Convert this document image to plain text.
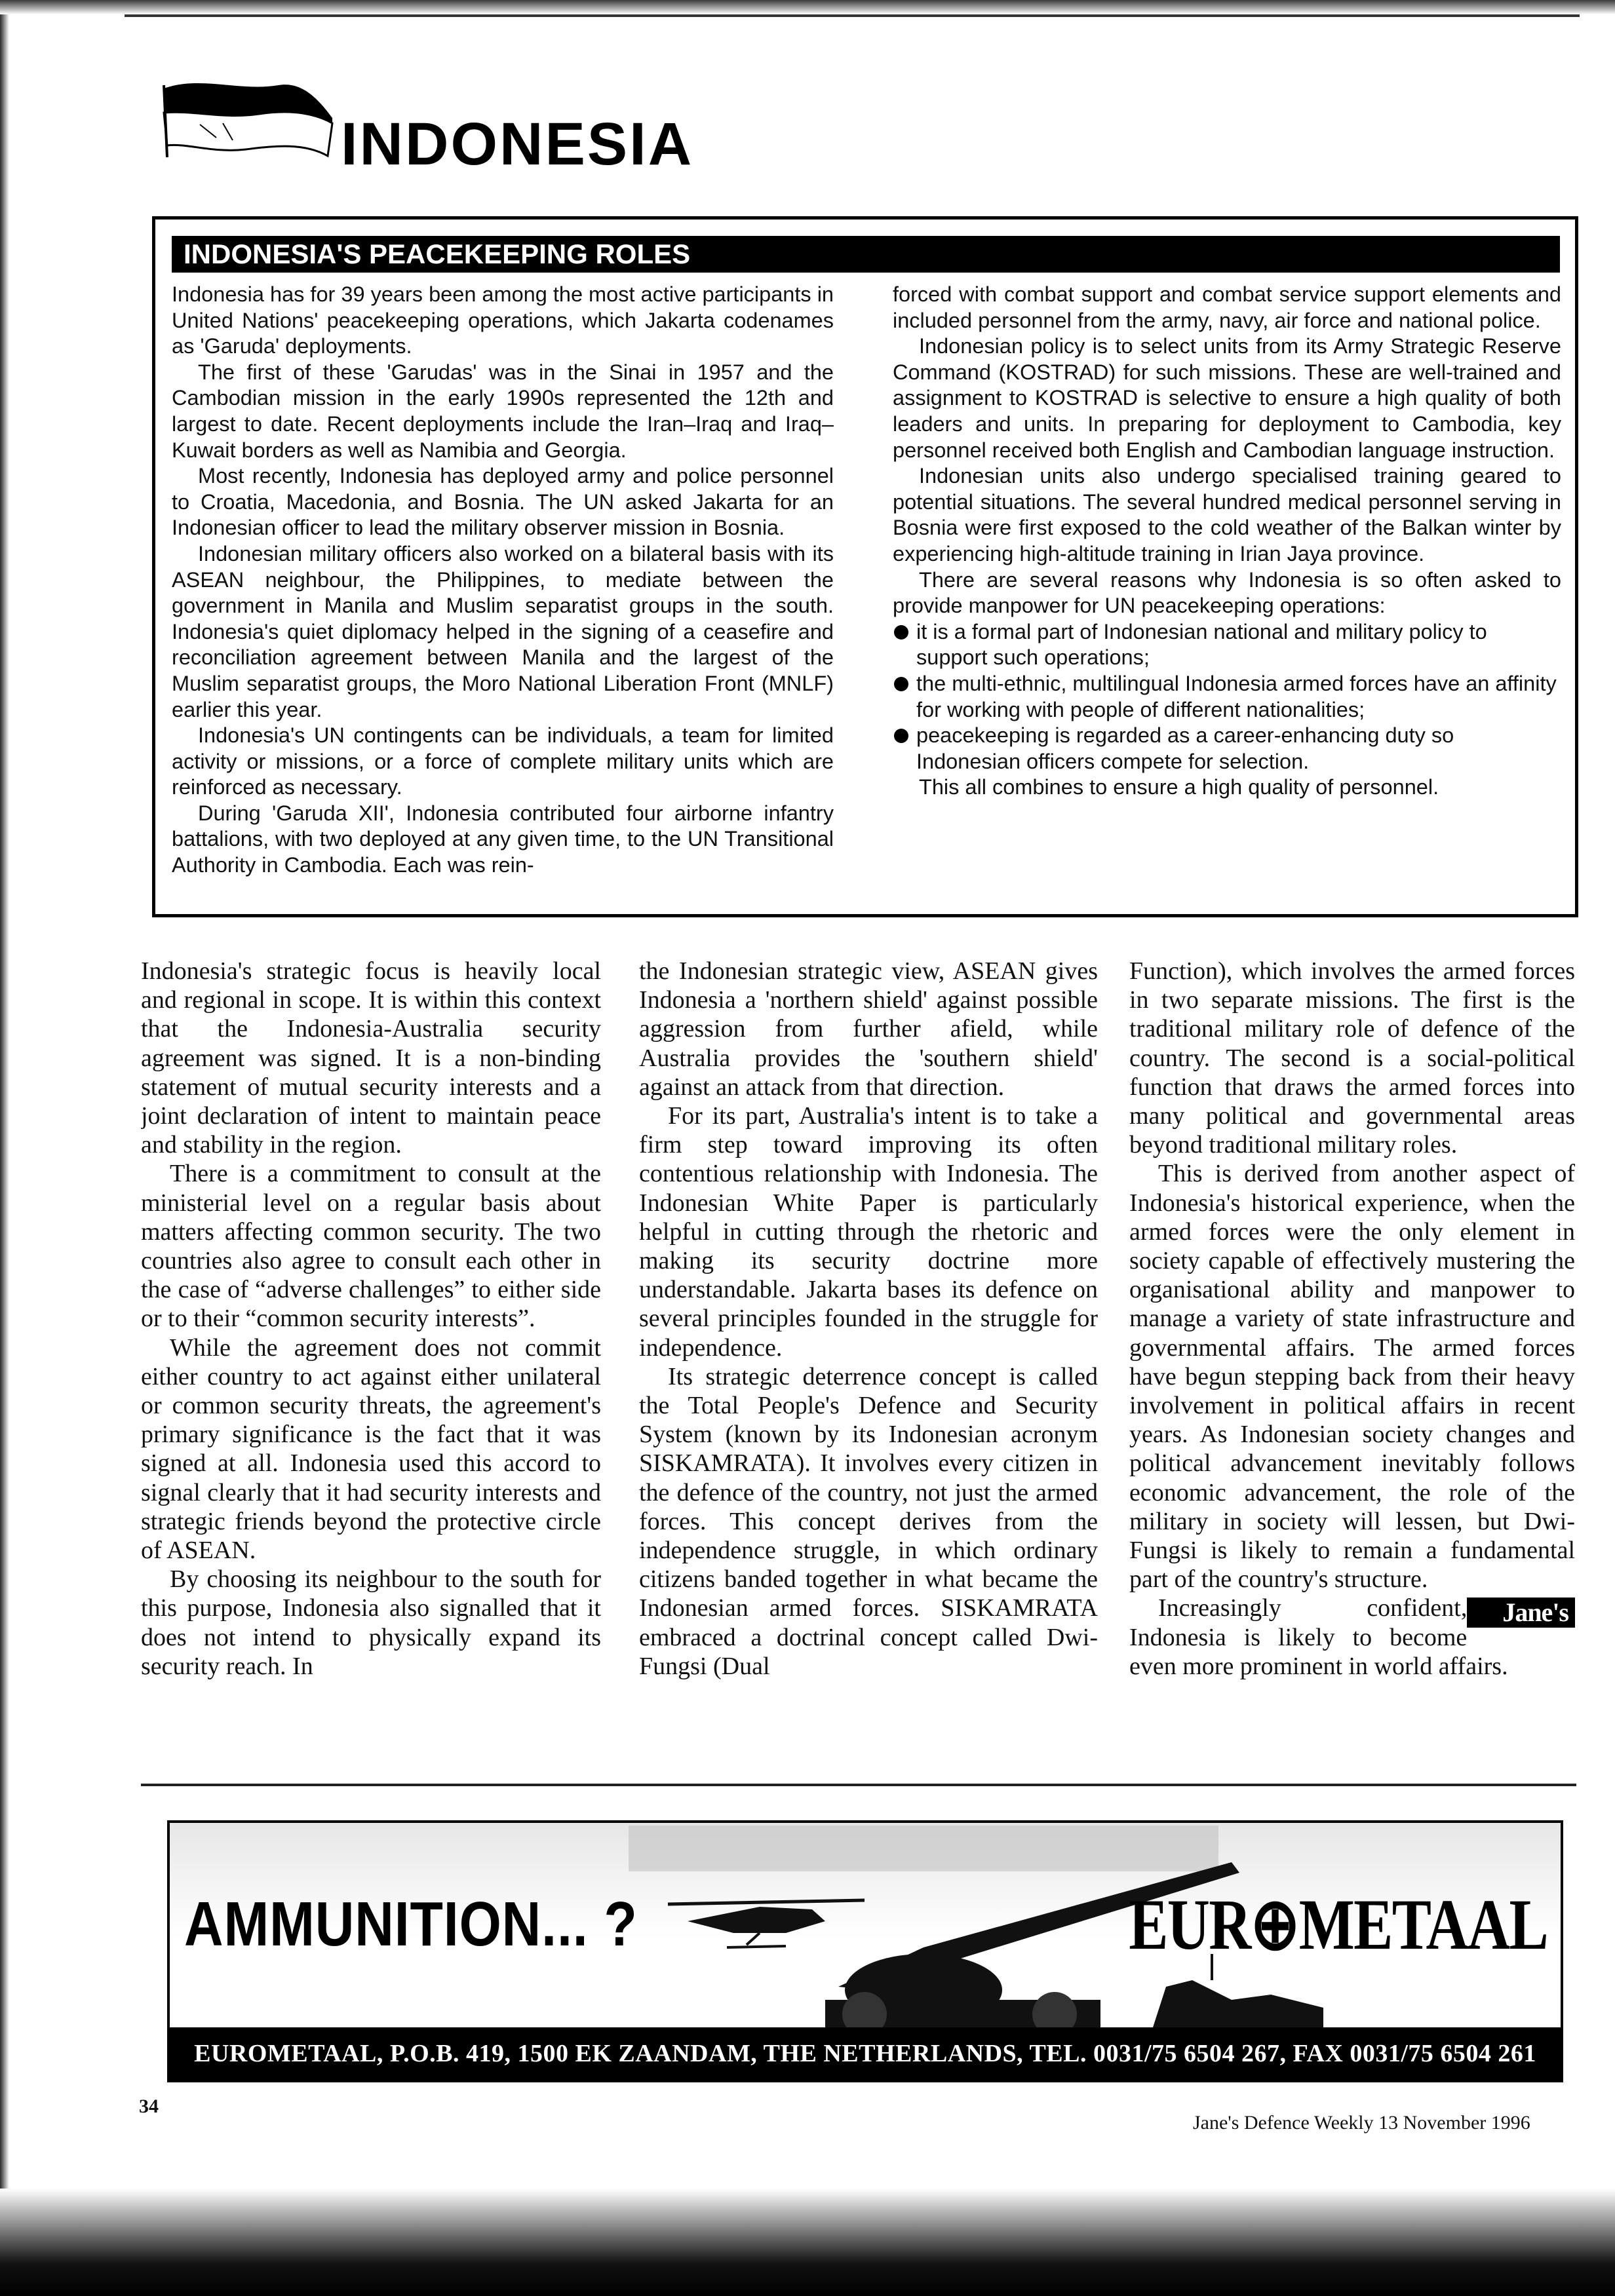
INDONESIA
INDONESIA'S PEACEKEEPING ROLES

Indonesia has for 39 years been among the most active participants in United Nations' peacekeeping operations, which Jakarta codenames as 'Garuda' deployments.

The first of these 'Garudas' was in the Sinai in 1957 and the Cambodian mission in the early 1990s represented the 12th and largest to date. Recent deployments include the Iran–Iraq and Iraq–Kuwait borders as well as Namibia and Georgia.

Most recently, Indonesia has deployed army and police personnel to Croatia, Macedonia, and Bosnia. The UN asked Jakarta for an Indonesian officer to lead the military observer mission in Bosnia.

Indonesian military officers also worked on a bilateral basis with its ASEAN neighbour, the Philippines, to mediate between the government in Manila and Muslim separatist groups in the south. Indonesia's quiet diplomacy helped in the signing of a ceasefire and reconciliation agreement between Manila and the largest of the Muslim separatist groups, the Moro National Liberation Front (MNLF) earlier this year.

Indonesia's UN contingents can be individuals, a team for limited activity or missions, or a force of complete military units which are reinforced as necessary.

During 'Garuda XII', Indonesia contributed four airborne infantry battalions, with two deployed at any given time, to the UN Transitional Authority in Cambodia. Each was rein-

forced with combat support and combat service support elements and included personnel from the army, navy, air force and national police.

Indonesian policy is to select units from its Army Strategic Reserve Command (KOSTRAD) for such missions. These are well-trained and assignment to KOSTRAD is selective to ensure a high quality of both leaders and units. In preparing for deployment to Cambodia, key personnel received both English and Cambodian language instruction.

Indonesian units also undergo specialised training geared to potential situations. The several hundred medical personnel serving in Bosnia were first exposed to the cold weather of the Balkan winter by experiencing high-altitude training in Irian Jaya province.

There are several reasons why Indonesia is so often asked to provide manpower for UN peacekeeping operations:

it is a formal part of Indonesian national and military policy to support such operations;
the multi-ethnic, multilingual Indonesia armed forces have an affinity for working with people of different nationalities;
peacekeeping is regarded as a career-enhancing duty so Indonesian officers compete for selection.

This all combines to ensure a high quality of personnel.

Indonesia's strategic focus is heavily local and regional in scope. It is within this context that the Indonesia-Australia security agreement was signed. It is a non-binding statement of mutual security interests and a joint declaration of intent to maintain peace and stability in the region.

There is a commitment to consult at the ministerial level on a regular basis about matters affecting common security. The two countries also agree to consult each other in the case of “adverse challenges” to either side or to their “common security interests”.

While the agreement does not commit either country to act against either unilateral or common security threats, the agreement's primary significance is the fact that it was signed at all. Indonesia used this accord to signal clearly that it had security interests and strategic friends beyond the protective circle of ASEAN.

By choosing its neighbour to the south for this purpose, Indonesia also signalled that it does not intend to physically expand its security reach. In

the Indonesian strategic view, ASEAN gives Indonesia a 'northern shield' against possible aggression from further afield, while Australia provides the 'southern shield' against an attack from that direction.

For its part, Australia's intent is to take a firm step toward improving its often contentious relationship with Indonesia. The Indonesian White Paper is particularly helpful in cutting through the rhetoric and making its security doctrine more understandable. Jakarta bases its defence on several principles founded in the struggle for independence.

Its strategic deterrence concept is called the Total People's Defence and Security System (known by its Indonesian acronym SISKAMRATA). It involves every citizen in the defence of the country, not just the armed forces. This concept derives from the independence struggle, in which ordinary citizens banded together in what became the Indonesian armed forces. SISKAMRATA embraced a doctrinal concept called Dwi-Fungsi (Dual

Function), which involves the armed forces in two separate missions. The first is the traditional military role of defence of the country. The second is a social-political function that draws the armed forces into many political and governmental areas beyond traditional military roles.

This is derived from another aspect of Indonesia's historical experience, when the armed forces were the only element in society capable of effectively mustering the organisational ability and manpower to manage a variety of state infrastructure and governmental affairs. The armed forces have begun stepping back from their heavy involvement in political affairs in recent years. As Indonesian society changes and political advancement inevitably follows economic advancement, the role of the military in society will lessen, but Dwi-Fungsi is likely to remain a fundamental part of the country's structure.

Jane's
Increasingly confident, Indonesia is likely to become even more prominent in world affairs.

AMMUNITION... ?	EUR⊕METAAL

EUROMETAAL, P.O.B. 419, 1500 EK ZAANDAM, THE NETHERLANDS, TEL. 0031/75 6504 267, FAX 0031/75 6504 261

34

Jane's Defence Weekly 13 November 1996
